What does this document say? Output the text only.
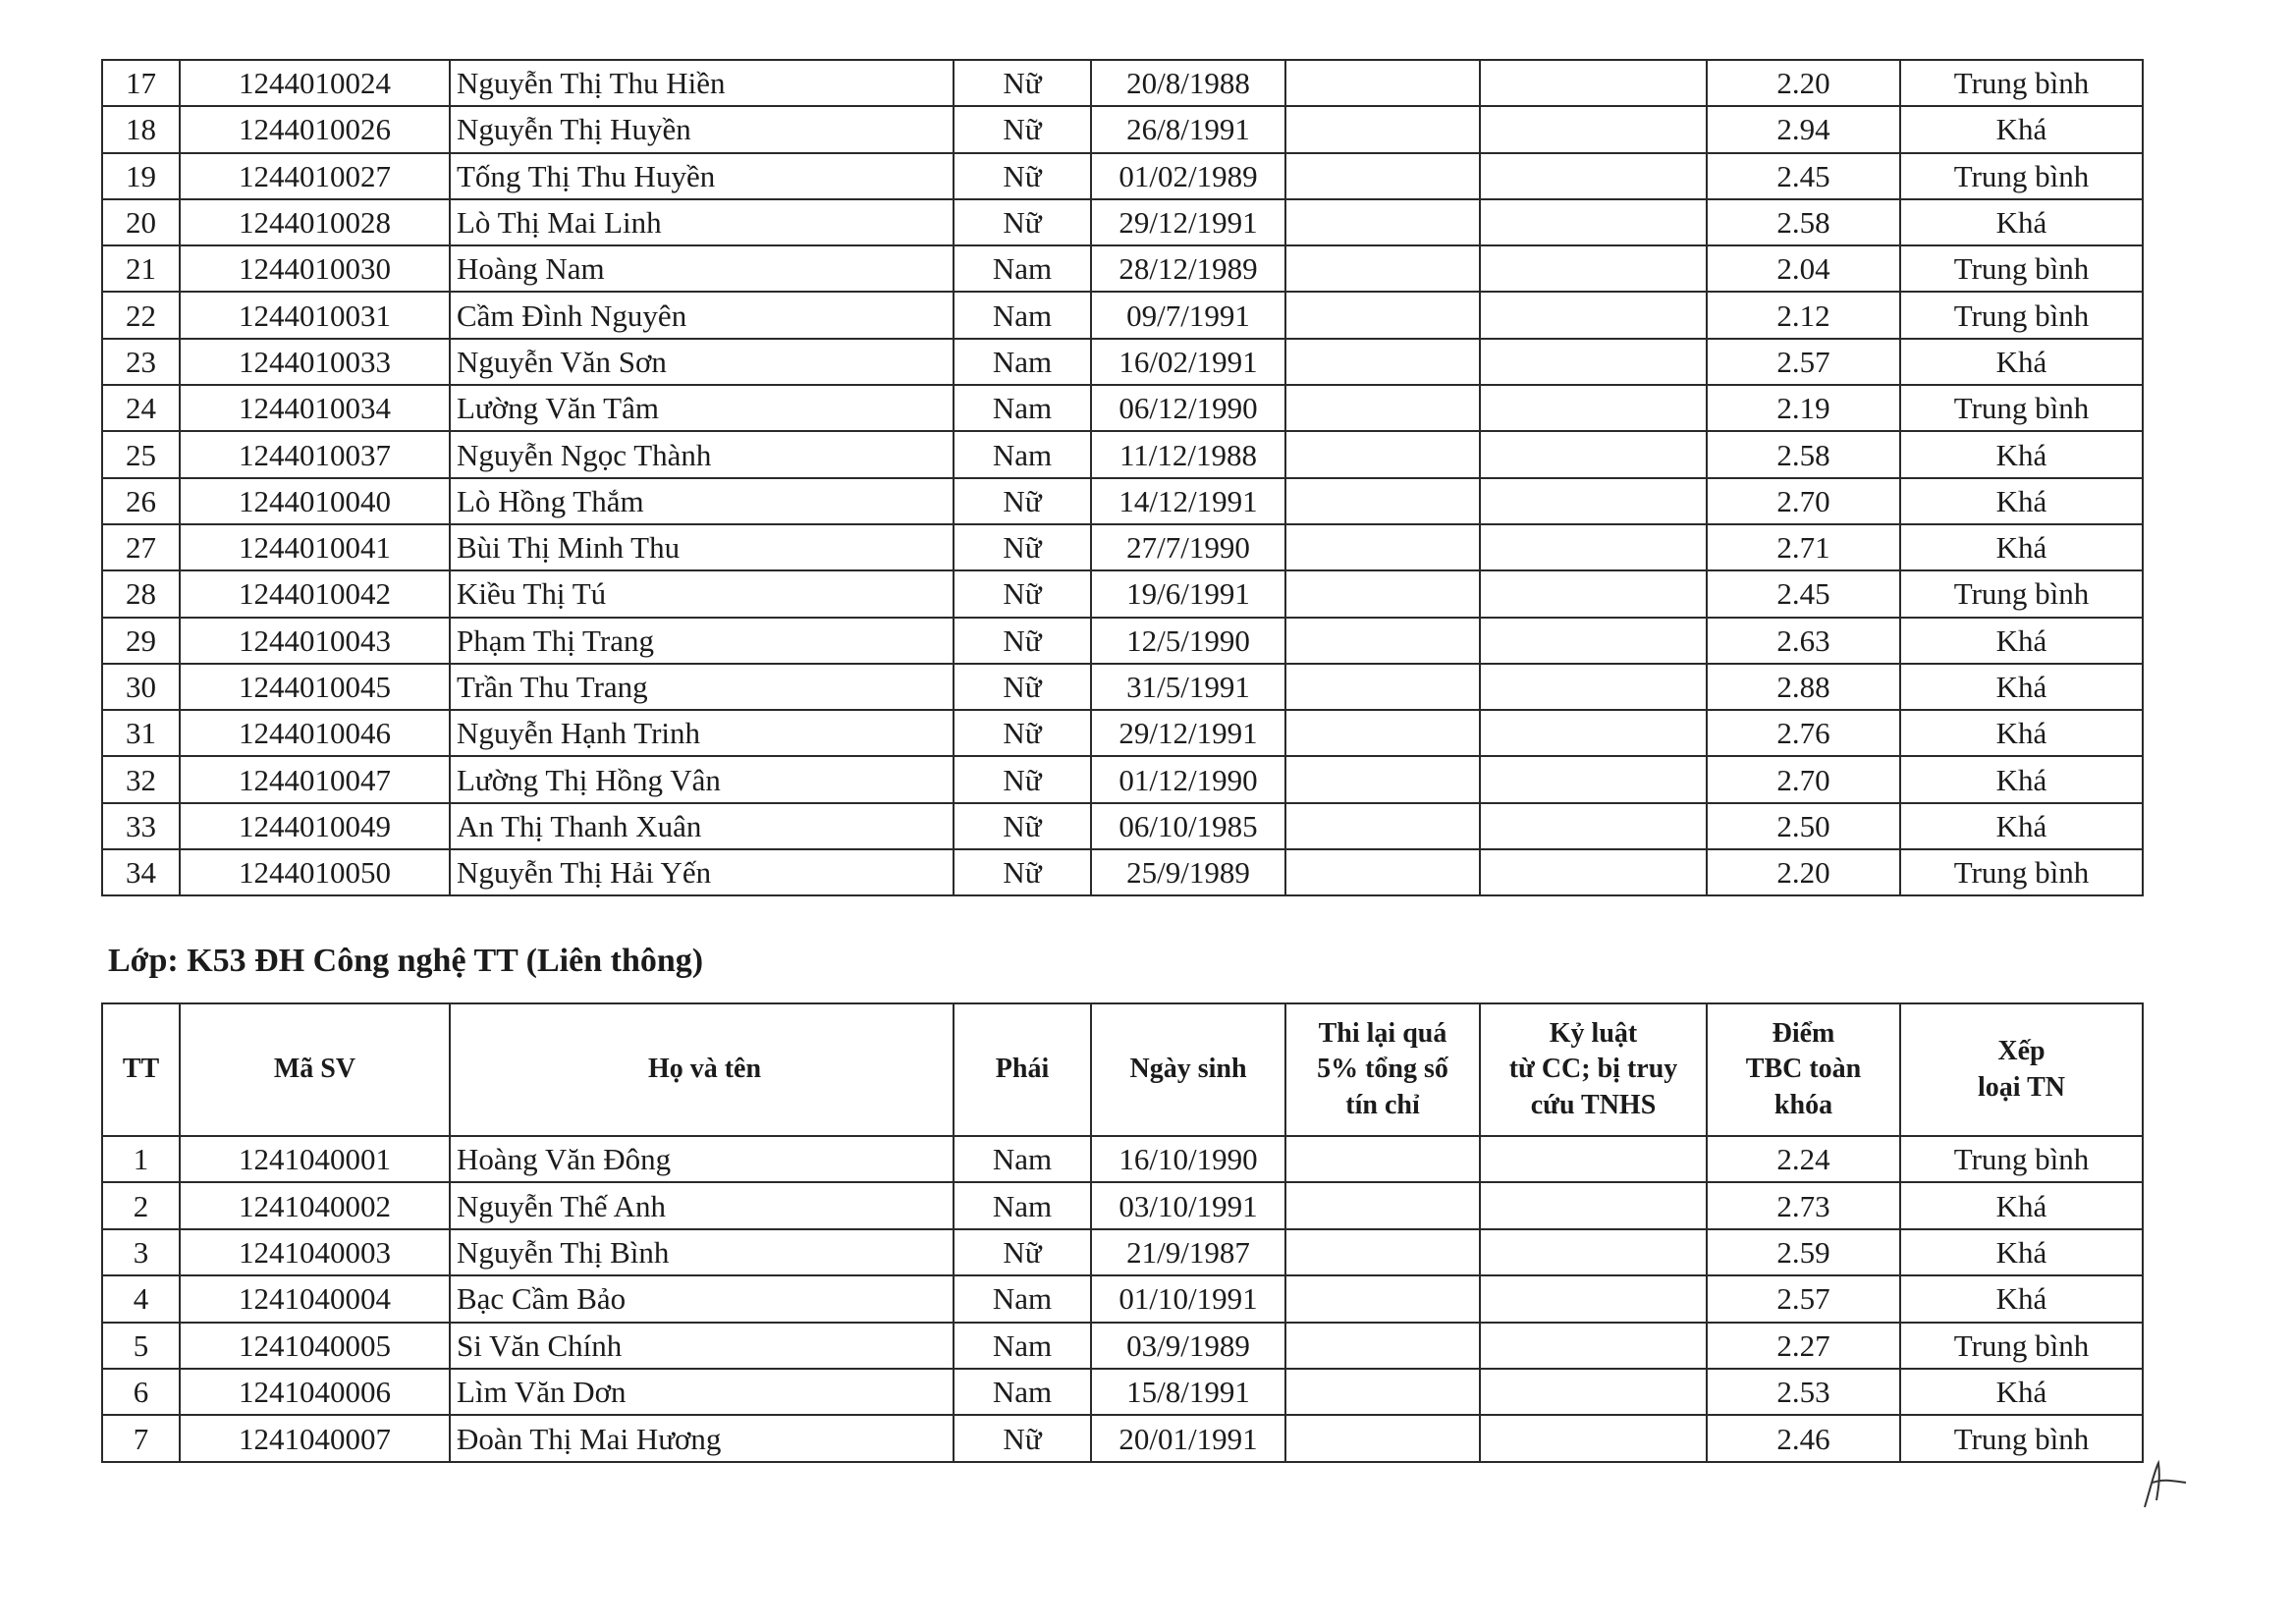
17	1244010024	Nguyễn Thị Thu Hiền	Nữ	20/8/1988			2.20	Trung bình
18	1244010026	Nguyễn Thị Huyền	Nữ	26/8/1991			2.94	Khá
19	1244010027	Tống Thị Thu Huyền	Nữ	01/02/1989			2.45	Trung bình
20	1244010028	Lò Thị Mai Linh	Nữ	29/12/1991			2.58	Khá
21	1244010030	Hoàng Nam	Nam	28/12/1989			2.04	Trung bình
22	1244010031	Cầm Đình Nguyên	Nam	09/7/1991			2.12	Trung bình
23	1244010033	Nguyễn Văn Sơn	Nam	16/02/1991			2.57	Khá
24	1244010034	Lường Văn Tâm	Nam	06/12/1990			2.19	Trung bình
25	1244010037	Nguyễn Ngọc Thành	Nam	11/12/1988			2.58	Khá
26	1244010040	Lò Hồng Thắm	Nữ	14/12/1991			2.70	Khá
27	1244010041	Bùi Thị Minh Thu	Nữ	27/7/1990			2.71	Khá
28	1244010042	Kiều Thị Tú	Nữ	19/6/1991			2.45	Trung bình
29	1244010043	Phạm Thị Trang	Nữ	12/5/1990			2.63	Khá
30	1244010045	Trần Thu Trang	Nữ	31/5/1991			2.88	Khá
31	1244010046	Nguyễn Hạnh Trinh	Nữ	29/12/1991			2.76	Khá
32	1244010047	Lường Thị Hồng Vân	Nữ	01/12/1990			2.70	Khá
33	1244010049	An Thị Thanh Xuân	Nữ	06/10/1985			2.50	Khá
34	1244010050	Nguyễn Thị Hải Yến	Nữ	25/9/1989			2.20	Trung bình
Lớp: K53 ĐH Công nghệ TT (Liên thông)
TT	Mã SV	Họ và tên	Phái	Ngày sinh	Thi lại quá
5% tổng số
tín chỉ	Kỷ luật
từ CC; bị truy
cứu TNHS	Điểm
TBC toàn
khóa	Xếp
loại TN
1	1241040001	Hoàng Văn Đông	Nam	16/10/1990			2.24	Trung bình
2	1241040002	Nguyễn Thế Anh	Nam	03/10/1991			2.73	Khá
3	1241040003	Nguyễn Thị Bình	Nữ	21/9/1987			2.59	Khá
4	1241040004	Bạc Cầm Bảo	Nam	01/10/1991			2.57	Khá
5	1241040005	Si Văn Chính	Nam	03/9/1989			2.27	Trung bình
6	1241040006	Lìm Văn Dơn	Nam	15/8/1991			2.53	Khá
7	1241040007	Đoàn Thị Mai Hương	Nữ	20/01/1991			2.46	Trung bình
